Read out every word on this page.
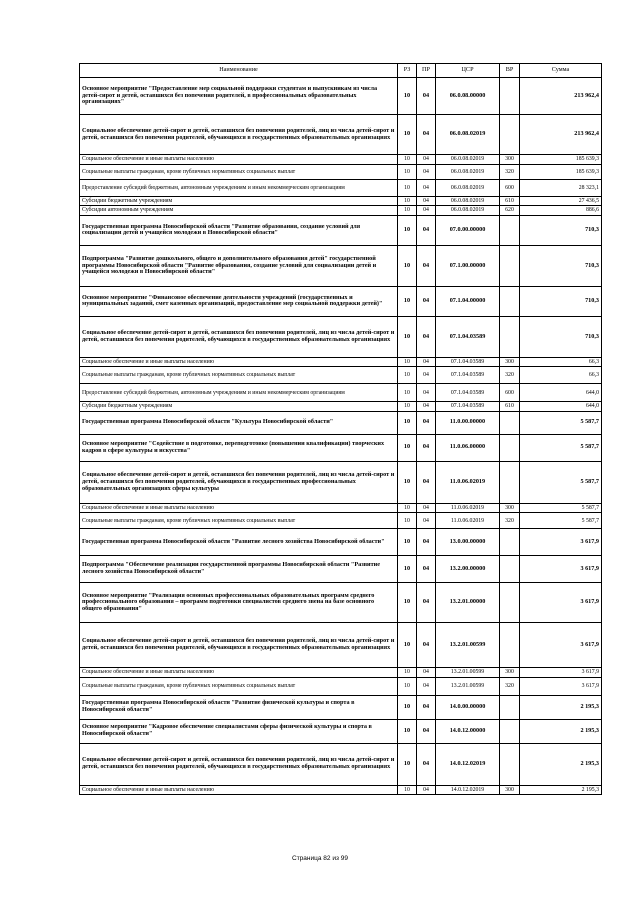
Наименование	РЗ	ПР	ЦСР	ВР	Сумма
Основное мероприятие "Предоставление мер социальной поддержки студентам и выпускникам из числа детей-сирот и детей, оставшихся без попечения родителей, в профессиональных образовательных организациях"	10	04	06.0.08.00000		213 962,4
Социальное обеспечение детей-сирот и детей, оставшихся без попечения родителей, лиц из числа детей-сирот и детей, оставшихся без попечения родителей, обучающихся в государственных образовательных организациях	10	04	06.0.08.02019		213 962,4
Социальное обеспечение и иные выплаты населению	10	04	06.0.08.02019	300	185 639,3
Социальные выплаты гражданам, кроме публичных нормативных социальных выплат	10	04	06.0.08.02019	320	185 639,3
Предоставление субсидий бюджетным, автономным учреждениям и иным некоммерческим организациям	10	04	06.0.08.02019	600	28 323,1
Субсидии бюджетным учреждениям	10	04	06.0.08.02019	610	27 436,5
Субсидии автономным учреждениям	10	04	06.0.08.02019	620	886,6
Государственная программа Новосибирской области "Развитие образования, создание условий для социализации детей и учащейся молодежи в Новосибирской области"	10	04	07.0.00.00000		710,3
Подпрограмма "Развитие дошкольного, общего и дополнительного образования детей" государственной программы Новосибирской области "Развитие образования, создание условий для социализации детей и учащейся молодежи в Новосибирской области"	10	04	07.1.00.00000		710,3
Основное мероприятие "Финансовое обеспечение деятельности учреждений (государственных и муниципальных заданий, смет казенных организаций, предоставление мер социальной поддержки детей)"	10	04	07.1.04.00000		710,3
Социальное обеспечение детей-сирот и детей, оставшихся без попечения родителей, лиц из числа детей-сирот и детей, оставшихся без попечения родителей, обучающихся в государственных образовательных организациях	10	04	07.1.04.03589		710,3
Социальное обеспечение и иные выплаты населению	10	04	07.1.04.03589	300	66,3
Социальные выплаты гражданам, кроме публичных нормативных социальных выплат	10	04	07.1.04.03589	320	66,3
Предоставление субсидий бюджетным, автономным учреждениям и иным некоммерческим организациям	10	04	07.1.04.03589	600	644,0
Субсидии бюджетным учреждениям	10	04	07.1.04.03589	610	644,0
Государственная программа Новосибирской области "Культура Новосибирской области"	10	04	11.0.00.00000		5 587,7
Основное мероприятие "Содействие в подготовке, переподготовке (повышении квалификации) творческих кадров в сфере культуры и искусства"	10	04	11.0.06.00000		5 587,7
Социальное обеспечение детей-сирот и детей, оставшихся без попечения родителей, лиц из числа детей-сирот и детей, оставшихся без попечения родителей, обучающихся в государственных профессиональных образовательных организациях сферы культуры	10	04	11.0.06.02019		5 587,7
Социальное обеспечение и иные выплаты населению	10	04	11.0.06.02019	300	5 587,7
Социальные выплаты гражданам, кроме публичных нормативных социальных выплат	10	04	11.0.06.02019	320	5 587,7
Государственная программа Новосибирской области "Развитие лесного хозяйства Новосибирской области"	10	04	13.0.00.00000		3 617,9
Подпрограмма "Обеспечение реализации государственной программы Новосибирской области "Развитие лесного хозяйства Новосибирской области"	10	04	13.2.00.00000		3 617,9
Основное мероприятие "Реализация основных профессиональных образовательных программ среднего профессионального образования – программ подготовки специалистов среднего звена на базе основного общего образования"	10	04	13.2.01.00000		3 617,9
Социальное обеспечение детей-сирот и детей, оставшихся без попечения родителей, лиц из числа детей-сирот и детей, оставшихся без попечения родителей, обучающихся в государственных образовательных организациях	10	04	13.2.01.00599		3 617,9
Социальное обеспечение и иные выплаты населению	10	04	13.2.01.00599	300	3 617,9
Социальные выплаты гражданам, кроме публичных нормативных социальных выплат	10	04	13.2.01.00599	320	3 617,9
Государственная программа Новосибирской области "Развитие физической культуры и спорта в Новосибирской области"	10	04	14.0.00.00000		2 195,3
Основное мероприятие "Кадровое обеспечение специалистами сферы физической культуры и спорта в Новосибирской области"	10	04	14.0.12.00000		2 195,3
Социальное обеспечение детей-сирот и детей, оставшихся без попечения родителей, лиц из числа детей-сирот и детей, оставшихся без попечения родителей, обучающихся в государственных образовательных организациях	10	04	14.0.12.02019		2 195,3
Социальное обеспечение и иные выплаты населению	10	04	14.0.12.02019	300	2 195,3
Страница 82 из 99
